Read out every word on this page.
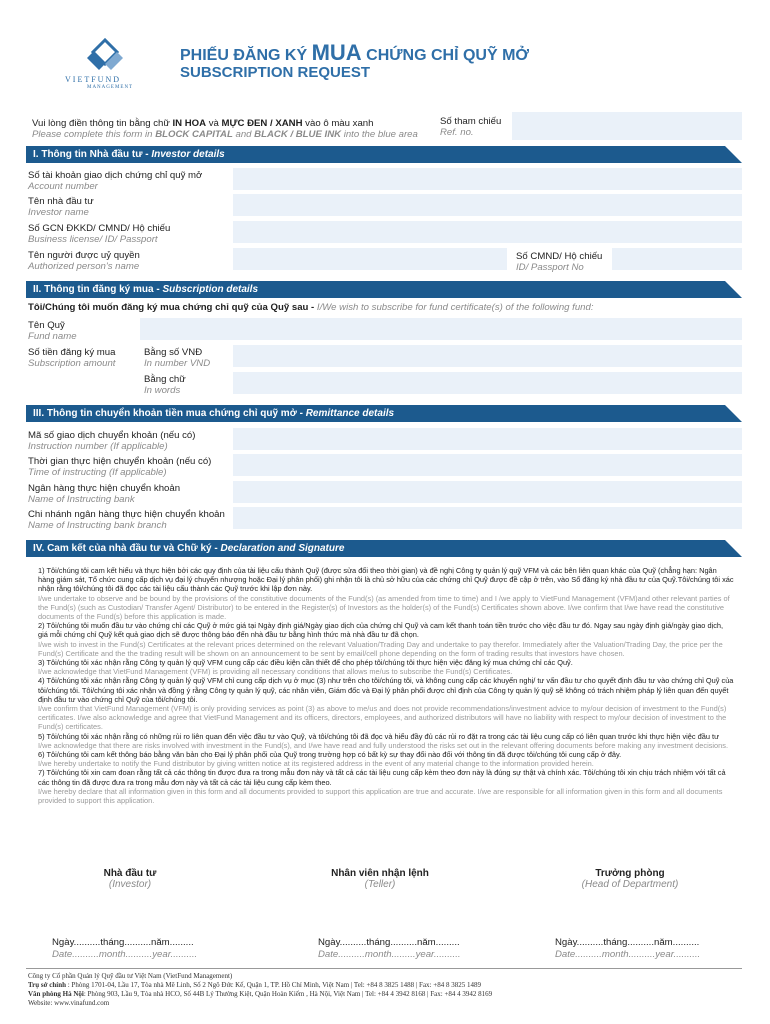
VIETFUND
MANAGEMENT
PHIẾU ĐĂNG KÝ MUA CHỨNG CHỈ QUỸ MỞ
SUBSCRIPTION REQUEST
Vui lòng điền thông tin bằng chữ IN HOA và MỰC ĐEN / XANH vào ô màu xanh
Please complete this form in BLOCK CAPITAL and BLACK / BLUE INK into the blue area
Số tham chiếu
Ref. no.
I. Thông tin Nhà đầu tư - Investor details
Số tài khoản giao dịch chứng chỉ quỹ mở
Account number
Tên nhà đầu tư
Investor name
Số GCN ĐKKD/ CMND/ Hộ chiếu
Business license/ ID/ Passport
Tên người được uỷ quyền
Authorized person's name
Số CMND/ Hộ chiếu
ID/ Passport No
II. Thông tin đăng ký mua - Subscription details
Tôi/Chúng tôi muốn đăng ký mua chứng chỉ quỹ của Quỹ sau - I/We wish to subscribe for fund certificate(s) of the following fund:
Tên Quỹ
Fund name
Số tiền đăng ký mua
Subscription amount
Bằng số VNĐ
In number VND
Bằng chữ
In words
III. Thông tin chuyển khoản tiền mua chứng chỉ quỹ mở - Remittance details
Mã số giao dịch chuyển khoản (nếu có)
Instruction number (If applicable)
Thời gian thực hiện chuyển khoản (nếu có)
Time of instructing (If applicable)
Ngân hàng thực hiện chuyển khoản
Name of Instructing bank
Chi nhánh ngân hàng thực hiện chuyển khoản
Name of Instructing bank branch
IV. Cam kết của nhà đầu tư và Chữ ký - Declaration and Signature
1) Tôi/chúng tôi cam kết hiểu và thực hiện bởi các quy định của tài liệu cấu thành Quỹ (được sửa đổi theo thời gian) và đề nghị Công ty quản lý quỹ VFM và các bên liên quan khác của Quỹ (chẳng hạn: Ngân hàng giám sát, Tổ chức cung cấp dịch vụ đại lý chuyển nhượng hoặc Đại lý phân phối) ghi nhận tôi là chủ sở hữu của các chứng chỉ Quỹ được đề cập ở trên, vào Sổ đăng ký nhà đầu tư của Quỹ.Tôi/chúng tôi xác nhận rằng tôi/chúng tôi đã đọc các tài liệu cấu thành các Quỹ trước khi lập đơn này.
I/we undertake to observe and be bound by the provisions of the constitutive documents of the Fund(s) (as amended from time to time) and I /we apply to VietFund Management (VFM)and other relevant parties of the Fund(s) (such as Custodian/ Transfer Agent/ Distributor) to be entered in the Register(s) of Investors as the holder(s) of the Fund(s) Certificates shown above. I/we confirm that I/we have read the constitutive documents of the Fund(s) before this application is made.
2) Tôi/chúng tôi muốn đầu tư vào chứng chỉ các Quỹ ở mức giá tại Ngày định giá/Ngày giao dịch của chứng chỉ Quỹ và cam kết thanh toán tiền trước cho việc đầu tư đó. Ngay sau ngày định giá/ngày giao dịch, giá mỗi chứng chỉ Quỹ kết quả giao dịch sẽ được thông báo đến nhà đầu tư bằng hình thức mà nhà đầu tư đã chọn.
I/we wish to invest in the Fund(s) Certificates at the relevant prices determined on the relevant Valuation/Trading Day and undertake to pay therefor. Immediately after the Valuation/Trading Day, the price per the Fund(s) Certificate and the the trading result will be shown on an announcement to be sent by email/cell phone depending on the form of trading results that investors have chosen.
3) Tôi/chúng tôi xác nhận rằng Công ty quản lý quỹ VFM cung cấp các điều kiện cần thiết để cho phép tôi/chúng tôi thực hiện việc đăng ký mua chứng chỉ các Quỹ.
I/we acknowledge that VietFund Management (VFM) is providing all necessary conditions that allows me/us to subscribe the Fund(s) Certificates.
4) Tôi/chúng tôi xác nhận rằng Công ty quản lý quỹ VFM chỉ cung cấp dịch vụ ở mục (3) như trên cho tôi/chúng tôi, và không cung cấp các khuyến nghị/ tư vấn đầu tư cho quyết định đầu tư vào chứng chỉ Quỹ của tôi/chúng tôi. Tôi/chúng tôi xác nhận và đồng ý rằng Công ty quản lý quỹ, các nhân viên, Giám đốc và Đại lý phân phối được chỉ định của Công ty quản lý quỹ sẽ không có trách nhiệm pháp lý liên quan đến quyết định đầu tư vào chứng chỉ Quỹ của tôi/chúng tôi.
I/we confirm that VietFund Management (VFM) is only providing services as point (3) as above to me/us and does not provide recommendations/investment advice to my/our decision of investment to the Fund(s) certificates. I/we also acknowledge and agree that VietFund Management and its officers, directors, employees, and authorized distributors will have no liability with respect to my/our decision of investment to the Fund(s) certificates.
5) Tôi/chúng tôi xác nhận rằng có những rủi ro liên quan đến việc đầu tư vào Quỹ, và tôi/chúng tôi đã đọc và hiểu đầy đủ các rủi ro đặt ra trong các tài liệu cung cấp có liên quan trước khi thực hiện việc đầu tư
I/we acknowledge that there are risks involved with investment in the Fund(s), and I/we have read and fully understood the risks set out in the relevant offering documents before making any investment decisions.
6) Tôi/chúng tôi cam kết thông báo bằng văn bản cho Đại lý phân phối của Quỹ trong trường hợp có bất kỳ sự thay đổi nào đối với thông tin đã được tôi/chúng tôi cung cấp ở đây.
I/we hereby undertake to notify the Fund distributor by giving written notice at its registered address in the event of any material change to the information provided herein.
7) Tôi/chúng tôi xin cam đoan rằng tất cả các thông tin được đưa ra trong mẫu đơn này và tất cả các tài liệu cung cấp kèm theo đơn này là đúng sự thật và chính xác. Tôi/chúng tôi xin chịu trách nhiệm với tất cả các thông tin đã được đưa ra trong mẫu đơn này và tất cả các tài liệu cung cấp kèm theo.
I/we hereby declare that all information given in this form and all documents provided to support this application are true and accurate. I/we are responsible for all information given in this form and all documents provided to support this application.
Nhà đầu tư
(Investor)
Nhân viên nhận lệnh
(Teller)
Trưởng phòng
(Head of Department)
Ngày..........tháng..........năm.........
Date..........month..........year..........
Ngày..........tháng..........năm.........
Date..........month.........year..........
Ngày..........tháng..........năm..........
Date..........month..........year..........
Công ty Cổ phần Quản lý Quỹ đầu tư Việt Nam (VietFund Management)
Trụ sở chính : Phòng 1701-04, Lầu 17, Tòa nhà Mê Linh, Số 2 Ngô Đức Kế, Quận 1, TP. Hồ Chí Minh, Việt Nam | Tel: +84 8 3825 1488 | Fax: +84 8 3825 1489
Văn phòng Hà Nội: Phòng 903, Lầu 9, Tòa nhà HCO, Số 44B Lý Thường Kiệt, Quận Hoàn Kiếm , Hà Nội, Việt Nam | Tel: +84 4 3942 8168 | Fax: +84 4 3942 8169
Website: www.vinafund.com
